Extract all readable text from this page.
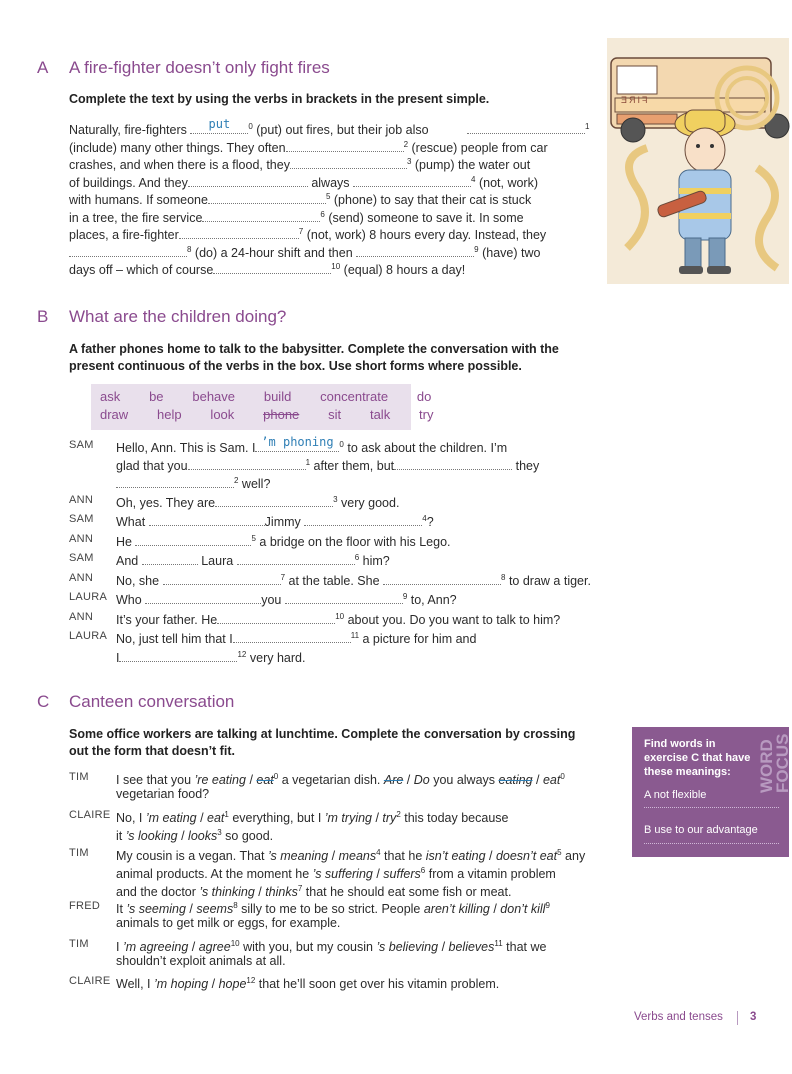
A A fire-fighter doesn’t only fight fires
Complete the text by using the verbs in brackets in the present simple.
Naturally, fire-fighters	put	$^0$ (put) out fires, but their job also	1
(include) many other things. They often	$^2$ (rescue) people from car
crashes, and when there is a flood, they	$^3$ (pump) the water out
of buildings. And they	always	$^4$ (not, work)
with humans. If someone	$^5$ (phone) to say that their cat is stuck
in a tree, the fire service	$^6$ (send) someone to save it. In some
places, a fire-fighter	$^7$ (not, work) 8 hours every day. Instead, they
$^8$ (do) a 24-hour shift and then	$^9$ (have) two
days off – which of course	$^{10}$ (equal) 8 hours a day!
FIRE
B What are the children doing?
A father phones home to talk to the babysitter. Complete the conversation with the
present continuous of the verbs in the box. Use short forms where possible.
ask   be   behave   build   concentrate   do
draw   help   look phone sit   talk   try
SAM Hello, Ann. This is Sam. I ’m phoning $^0$ to ask about the children. I’m
glad that you	$^1$ after them, but	they
$^2$ well?
ANN Oh, yes. They are	$^3$ very good.
SAM What	Jimmy	$^4$?
ANN He	$^5$ a bridge on the floor with his Lego.
SAM And	Laura	$^6$ him?
ANN No, she	$^7$ at the table. She	$^8$ to draw a tiger.
LAURA Who	you	$^9$ to, Ann?
ANN It’s your father. He	$^{10}$ about you. Do you want to talk to him?
LAURA No, just tell him that I	$^{11}$ a picture for him and
I	$^{12}$ very hard.
C Canteen conversation
Some office workers are talking at lunchtime. Complete the conversation by crossing
out the form that doesn’t fit.
TIM I see that you ’re eating / eat$^0$ a vegetarian dish. Are / Do you always eating / eat$^0$
vegetarian food?
CLAIRE No, I ’m eating / eat$^1$ everything, but I ’m trying / try$^2$ this today because
it ’s looking / looks$^3$ so good.
TIM My cousin is a vegan. That ’s meaning / means$^4$ that he isn’t eating / doesn’t eat$^5$ any
animal products. At the moment he ’s suffering / suffers$^6$ from a vitamin problem
and the doctor ’s thinking / thinks$^7$ that he should eat some fish or meat.
FRED It ’s seeming / seems$^8$ silly to me to be so strict. People aren’t killing / don’t kill$^9$
animals to get milk or eggs, for example.
TIM I ’m agreeing / agree$^{10}$ with you, but my cousin ’s believing / believes$^{11}$ that we
shouldn’t exploit animals at all.
CLAIRE Well, I ’m hoping / hope$^{12}$ that he’ll soon get over his vitamin problem.
Find words in
exercise C that have
these meanings:	WORD FOCUS
A not flexible
B use to our advantage
Verbs and tenses 3
